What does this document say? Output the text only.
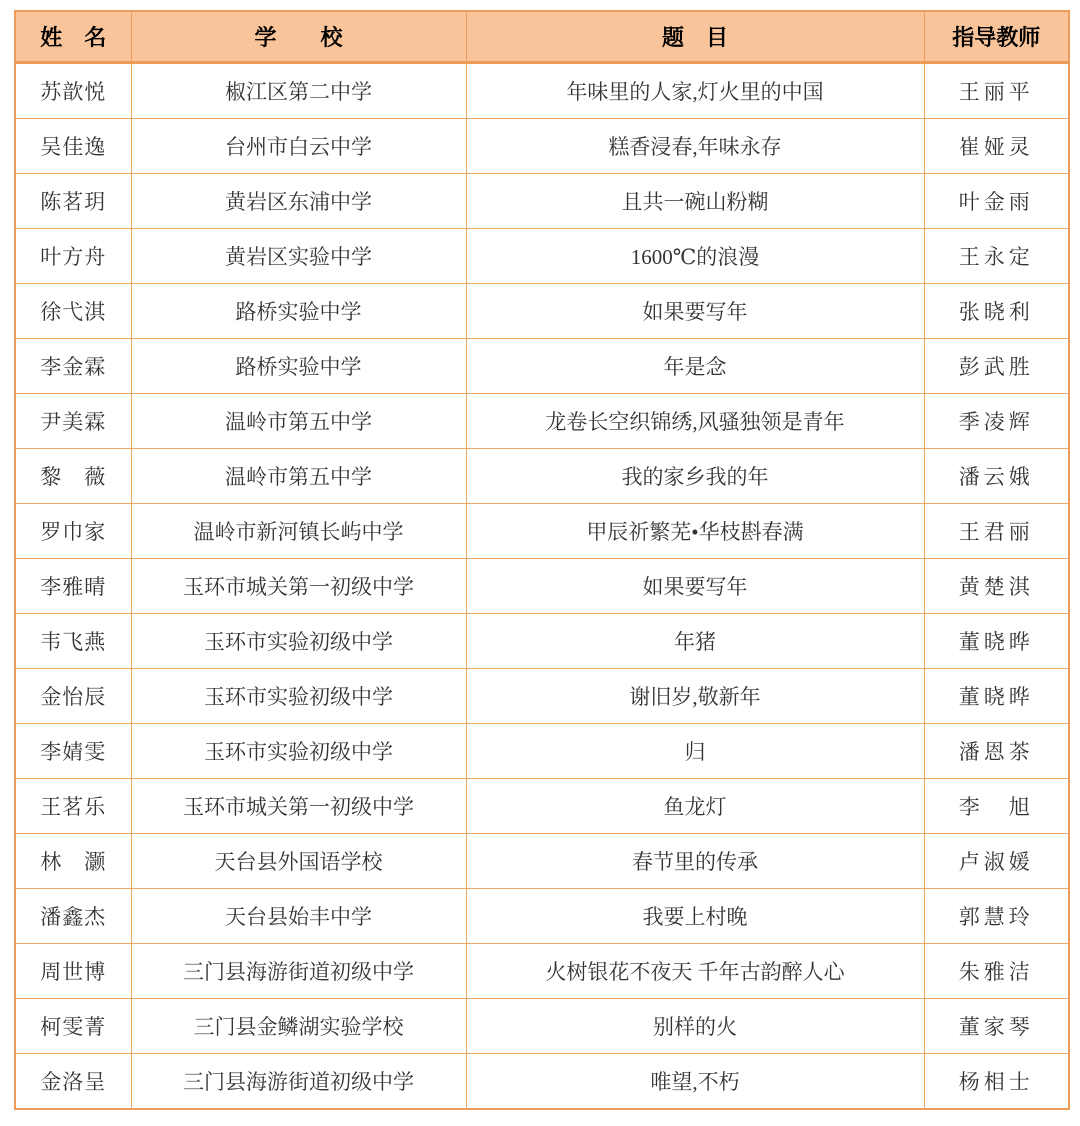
姓　名	学　　校	题　目	指导教师
苏歆悦	椒江区第二中学	年味里的人家,灯火里的中国	王丽平
吴佳逸	台州市白云中学	糕香浸春,年味永存	崔娅灵
陈茗玥	黄岩区东浦中学	且共一碗山粉糊	叶金雨
叶方舟	黄岩区实验中学	1600℃的浪漫	王永定
徐弋淇	路桥实验中学	如果要写年	张晓利
李金霖	路桥实验中学	年是念	彭武胜
尹美霖	温岭市第五中学	龙卷长空织锦绣,风骚独领是青年	季凌辉
黎　薇	温岭市第五中学	我的家乡我的年	潘云娥
罗巾家	温岭市新河镇长屿中学	甲辰祈繁芜•华枝斟春满	王君丽
李雅晴	玉环市城关第一初级中学	如果要写年	黄楚淇
韦飞燕	玉环市实验初级中学	年猪	董晓晔
金怡辰	玉环市实验初级中学	谢旧岁,敬新年	董晓晔
李婧雯	玉环市实验初级中学	归	潘恩茶
王茗乐	玉环市城关第一初级中学	鱼龙灯	李　旭
林　灏	天台县外国语学校	春节里的传承	卢淑媛
潘鑫杰	天台县始丰中学	我要上村晚	郭慧玲
周世博	三门县海游街道初级中学	火树银花不夜天 千年古韵醉人心	朱雅洁
柯雯菁	三门县金鳞湖实验学校	别样的火	董家琴
金洛呈	三门县海游街道初级中学	唯望,不朽	杨相士
